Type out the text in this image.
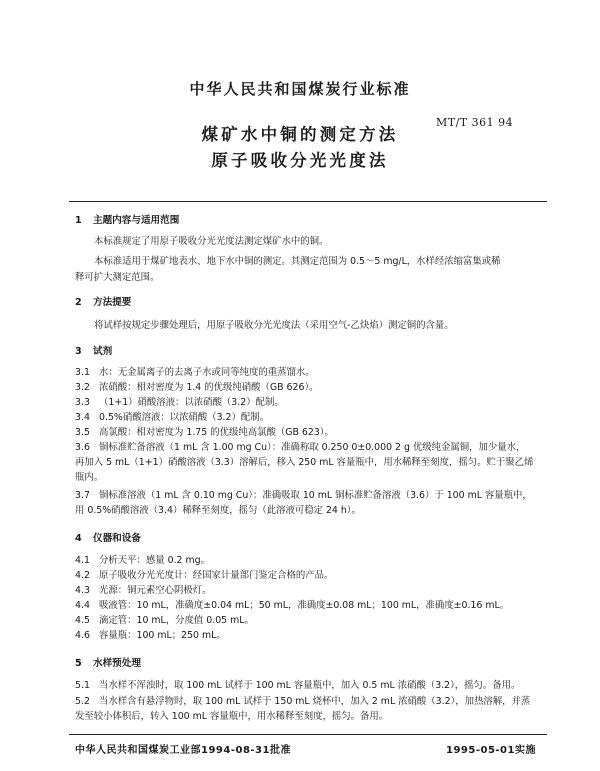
中华人民共和国煤炭行业标准
MT/T 361 94
煤矿水中铜的测定方法
原子吸收分光光度法
1 主题内容与适用范围
本标准规定了用原子吸收分光光度法测定煤矿水中的铜。
本标准适用于煤矿地表水、地下水中铜的测定。其测定范围为 0.5～5 mg/L，水样经浓缩富集或稀
释可扩大测定范围。
2 方法提要
将试样按规定步骤处理后，用原子吸收分光光度法（采用空气-乙炔焰）测定铜的含量。
3 试剂
3.1 水：无金属离子的去离子水或同等纯度的重蒸馏水。
3.2 浓硝酸：相对密度为 1.4 的优级纯硝酸（GB 626）。
3.3 （1+1）硝酸溶液：以浓硝酸（3.2）配制。
3.4 0.5%硝酸溶液：以浓硝酸（3.2）配制。
3.5 高氯酸：相对密度为 1.75 的优级纯高氯酸（GB 623）。
3.6 铜标准贮备溶液（1 mL 含 1.00 mg Cu）：准确称取 0.250 0±0.000 2 g 优级纯金属铜，加少量水，
再加入 5 mL（1+1）硝酸溶液（3.3）溶解后，移入 250 mL 容量瓶中，用水稀释至刻度，摇匀。贮于聚乙烯
瓶内。
3.7 铜标准溶液（1 mL 含 0.10 mg Cu）：准确吸取 10 mL 铜标准贮备溶液（3.6）于 100 mL 容量瓶中，
用 0.5%硝酸溶液（3.4）稀释至刻度，摇匀（此溶液可稳定 24 h）。
4 仪器和设备
4.1 分析天平：感量 0.2 mg。
4.2 原子吸收分光光度计：经国家计量部门鉴定合格的产品。
4.3 光源：铜元素空心阴极灯。
4.4 吸液管：10 mL，准确度±0.04 mL；50 mL，准确度±0.08 mL；100 mL，准确度±0.16 mL。
4.5 滴定管：10 mL，分度值 0.05 mL。
4.6 容量瓶：100 mL；250 mL。
5 水样预处理
5.1 当水样不浑浊时，取 100 mL 试样于 100 mL 容量瓶中，加入 0.5 mL 浓硝酸（3.2），摇匀。备用。
5.2 当水样含有悬浮物时，取 100 mL 试样于 150 mL 烧杯中，加入 2 mL 浓硝酸（3.2），加热溶解，并蒸
发至较小体积后，转入 100 mL 容量瓶中，用水稀释至刻度，摇匀。备用。
中华人民共和国煤炭工业部1994-08-31批准	1995-05-01实施
